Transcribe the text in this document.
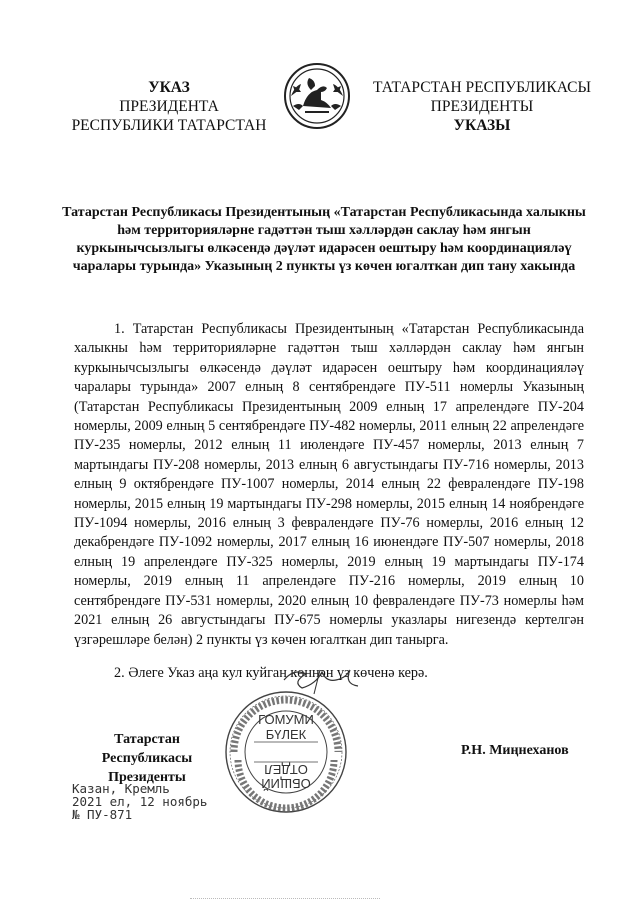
УКАЗ
ПРЕЗИДЕНТА
РЕСПУБЛИКИ ТАТАРСТАН
ТАТАРСТАН РЕСПУБЛИКАСЫ
ПРЕЗИДЕНТЫ
УКАЗЫ
Татарстан Республикасы Президентының «Татарстан Республикасында халыкны һәм территорияләрне гадәттән тыш хәлләрдән саклау һәм янгын куркынычсызлыгы өлкәсендә дәүләт идарәсен оештыру һәм координацияләү чаралары турында» Указының 2 пункты үз көчен югалткан дип тану хакында

1. Татарстан Республикасы Президентының «Татарстан Республикасында халыкны һәм территорияләрне гадәттән тыш хәлләрдән саклау һәм янгын куркынычсызлыгы өлкәсендә дәүләт идарәсен оештыру һәм координацияләү чаралары турында» 2007 елның 8 сентябрендәге ПУ-511 номерлы Указының (Татарстан Республикасы Президентының 2009 елның 17 апрелендәге ПУ-204 номерлы, 2009 елның 5 сентябрендәге ПУ-482 номерлы, 2011 елның 22 апрелендәге ПУ-235 номерлы, 2012 елның 11 июлендәге ПУ-457 номерлы, 2013 елның 7 мартындагы ПУ-208 номерлы, 2013 елның 6 августындагы ПУ-716 номерлы, 2013 елның 9 октябрендәге ПУ-1007 номерлы, 2014 елның 22 февралендәге ПУ-198 номерлы, 2015 елның 19 мартындагы ПУ-298 номерлы, 2015 елның 14 ноябрендәге ПУ-1094 номерлы, 2016 елның 3 февралендәге ПУ-76 номерлы, 2016 елның 12 декабрендәге ПУ-1092 номерлы, 2017 елның 16 июнендәге ПУ-507 номерлы, 2018 елның 19 апрелендәге ПУ-325 номерлы, 2019 елның 19 мартындагы ПУ-174 номерлы, 2019 елның 11 апрелендәге ПУ-216 номерлы, 2019 елның 10 сентябрендәге ПУ-531 номерлы, 2020 елның 10 февралендәге ПУ-73 номерлы һәм 2021 елның 26 августындагы ПУ-675 номерлы указлары нигезендә кертелгән үзгәрешләре белән) 2 пункты үз көчен югалткан дип танырга.

2. Әлеге Указ аңа кул куйган көннән үз көченә керә.
Татарстан Республикасы
Президенты
ГОМУМИ
БҮЛЕК
ОТДЕЛ
ОБЩИЙ
Р.Н. Миңнеханов
Казан, Кремль
2021 ел, 12 ноябрь
№ ПУ-871
